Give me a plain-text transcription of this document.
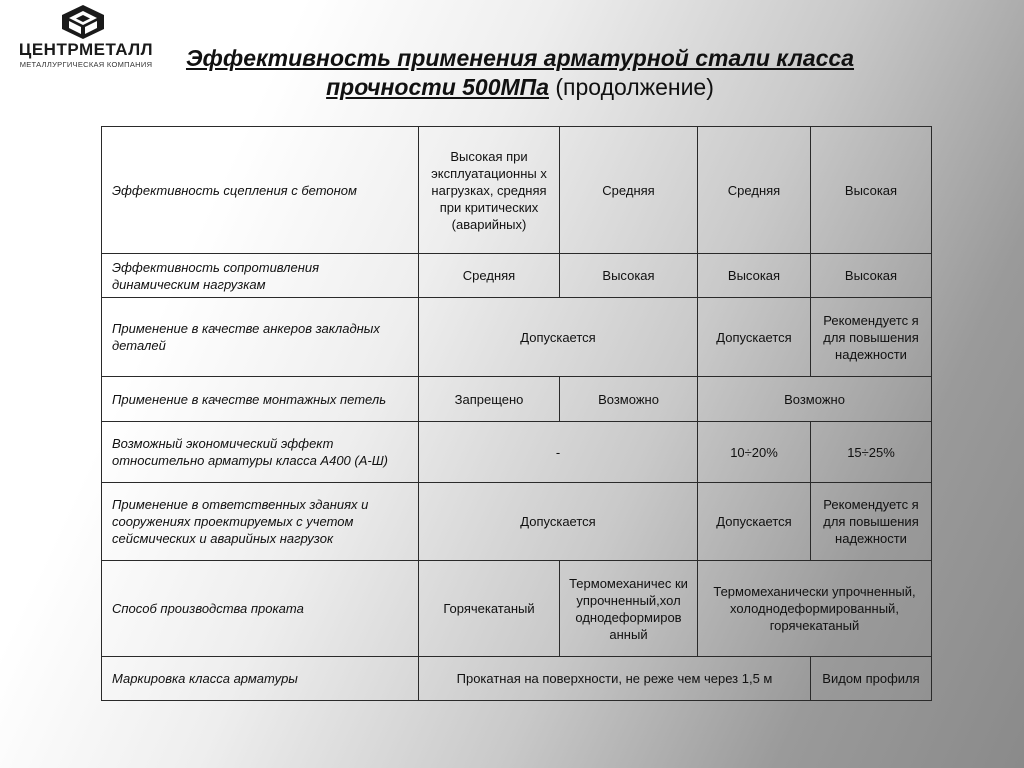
ЦЕНТРМЕТАЛЛ
МЕТАЛЛУРГИЧЕСКАЯ КОМПАНИЯ	Эффективность применения арматурной стали класса
прочности 500МПа (продолжение)
Эффективность сцепления с бетоном	Высокая при эксплуатационны х нагрузках, средняя при критических (аварийных)	Средняя	Средняя	Высокая
Эффективность сопротивления динамическим нагрузкам	Средняя	Высокая	Высокая	Высокая
Применение в качестве анкеров закладных деталей	Допускается		Допускается	Рекомендуетс я для повышения надежности
Применение в качестве монтажных петель	Запрещено	Возможно	Возможно	
Возможный экономический эффект относительно арматуры класса А400 (А-Ш)	-		10÷20%	15÷25%
Применение в ответственных зданиях и сооружениях проектируемых с учетом сейсмических и аварийных нагрузок	Допускается		Допускается	Рекомендуетс я для повышения надежности
Способ производства проката	Горячекатаный	Термомеханичес ки упрочненный,хол однодеформиров анный	Термомеханически упрочненный, холоднодеформированный, горячекатаный	
Маркировка класса арматуры	Прокатная на поверхности, не реже чем через 1,5 м			Видом профиля
